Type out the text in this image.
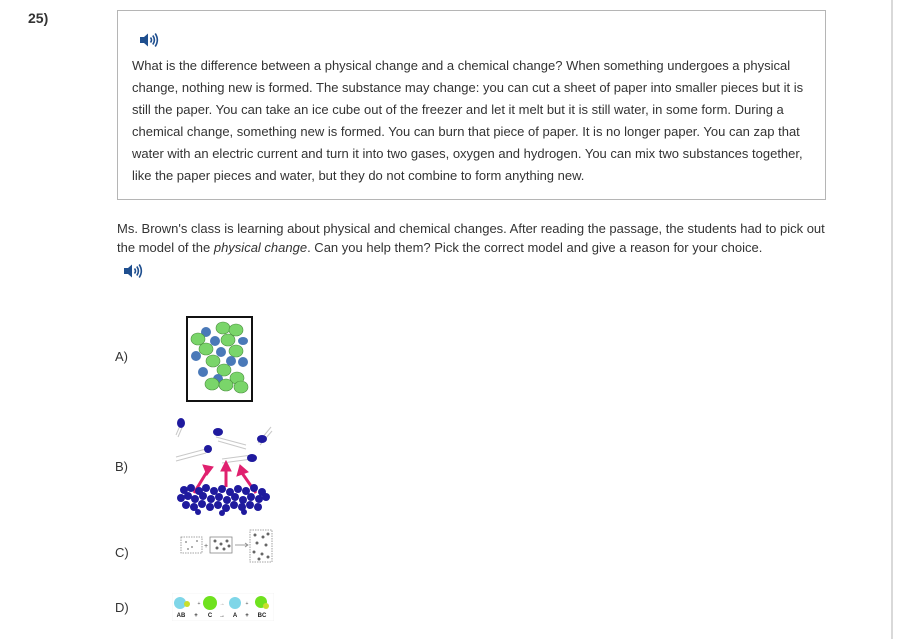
25)
What is the difference between a physical change and a chemical change? When something undergoes a physical change, nothing new is formed. The substance may change: you can cut a sheet of paper into smaller pieces but it is still the paper. You can take an ice cube out of the freezer and let it melt but it is still water, in some form. During a chemical change, something new is formed. You can burn that piece of paper. It is no longer paper. You can zap that water with an electric current and turn it into two gases, oxygen and hydrogen. You can mix two substances together, like the paper pieces and water, but they do not combine to form anything new.
Ms. Brown's class is learning about physical and chemical changes. After reading the passage, the students had to pick out the model of the physical change. Can you help them? Pick the correct model and give a reason for your choice.
A)
B)
C)	+
D)
AB + C → A + BC
+	+
→
